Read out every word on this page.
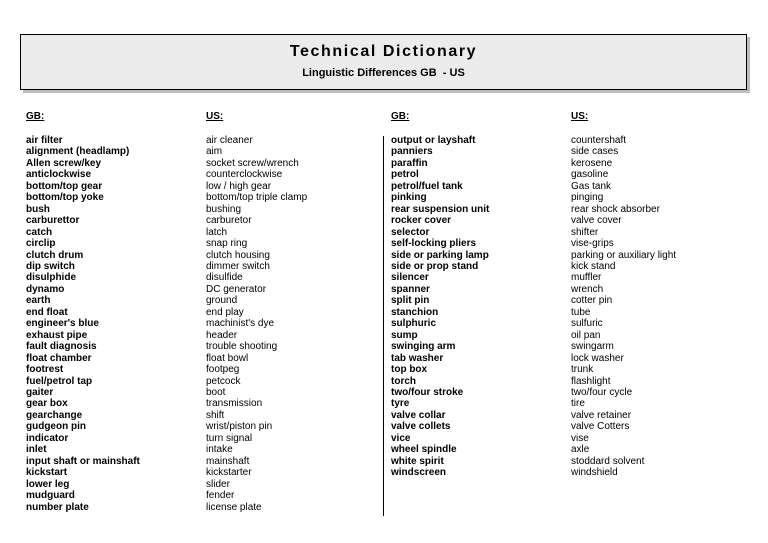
Technical Dictionary
Linguistic Differences GB  - US
GB:
air filter
alignment (headlamp)
Allen screw/key
anticlockwise
bottom/top gear
bottom/top yoke
bush
carburettor
catch
circlip
clutch drum
dip switch
disulphide
dynamo
earth
end float
engineer's blue
exhaust pipe
fault diagnosis
float chamber
footrest
fuel/petrol tap
gaiter
gear box
gearchange
gudgeon pin
indicator
inlet
input shaft or mainshaft
kickstart
lower leg
mudguard
number plate
US:
air cleaner
aim
socket screw/wrench
counterclockwise
low / high gear
bottom/top triple clamp
bushing
carburetor
latch
snap ring
clutch housing
dimmer switch
disulfide
DC generator
ground
end play
machinist's dye
header
trouble shooting
float bowl
footpeg
petcock
boot
transmission
shift
wrist/piston pin
turn signal
intake
mainshaft
kickstarter
slider
fender
license plate
GB:
output or layshaft
panniers
paraffin
petrol
petrol/fuel tank
pinking
rear suspension unit
rocker cover
selector
self-locking pliers
side or parking lamp
side or prop stand
silencer
spanner
split pin
stanchion
sulphuric
sump
swinging arm
tab washer
top box
torch
two/four stroke
tyre
valve collar
valve collets
vice
wheel spindle
white spirit
windscreen
US:
countershaft
side cases
kerosene
gasoline
Gas tank
pinging
rear shock absorber
valve cover
shifter
vise-grips
parking or auxiliary light
kick stand
muffler
wrench
cotter pin
tube
sulfuric
oil pan
swingarm
lock washer
trunk
flashlight
two/four cycle
tire
valve retainer
valve Cotters
vise
axle
stoddard solvent
windshield
